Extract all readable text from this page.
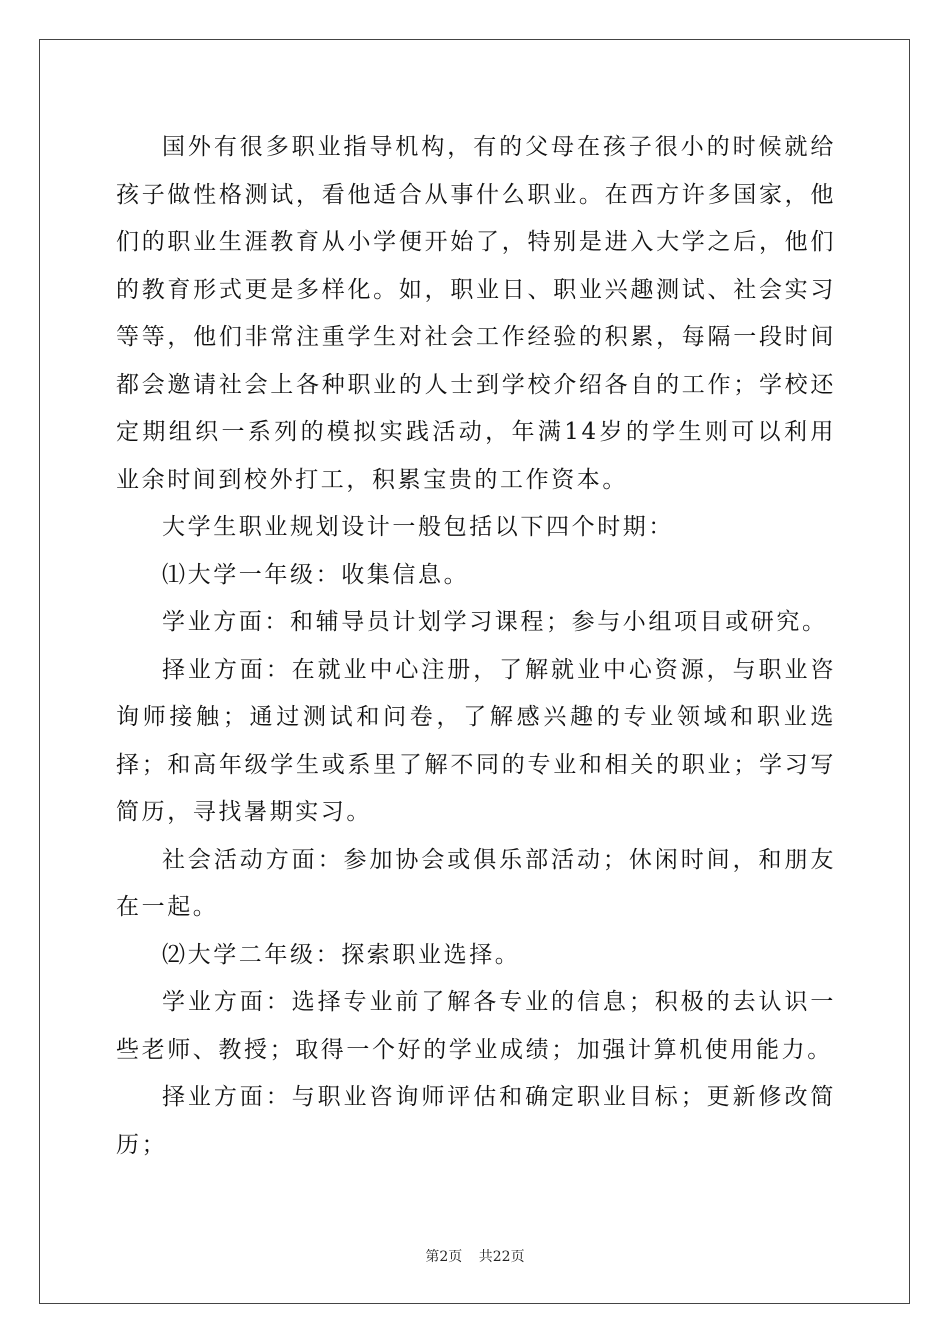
国外有很多职业指导机构，有的父母在孩子很小的时候就给孩子做性格测试，看他适合从事什么职业。在西方许多国家，他们的职业生涯教育从小学便开始了，特别是进入大学之后，他们的教育形式更是多样化。如，职业日、职业兴趣测试、社会实习等等，他们非常注重学生对社会工作经验的积累，每隔一段时间都会邀请社会上各种职业的人士到学校介绍各自的工作；学校还定期组织一系列的模拟实践活动，年满14岁的学生则可以利用业余时间到校外打工，积累宝贵的工作资本。

大学生职业规划设计一般包括以下四个时期：

⑴大学一年级：收集信息。

学业方面：和辅导员计划学习课程；参与小组项目或研究。

择业方面：在就业中心注册，了解就业中心资源，与职业咨询师接触；通过测试和问卷，了解感兴趣的专业领域和职业选择；和高年级学生或系里了解不同的专业和相关的职业；学习写简历，寻找暑期实习。

社会活动方面：参加协会或俱乐部活动；休闲时间，和朋友在一起。

⑵大学二年级：探索职业选择。

学业方面：选择专业前了解各专业的信息；积极的去认识一些老师、教授；取得一个好的学业成绩；加强计算机使用能力。

择业方面：与职业咨询师评估和确定职业目标；更新修改简历；

第2页 共22页
